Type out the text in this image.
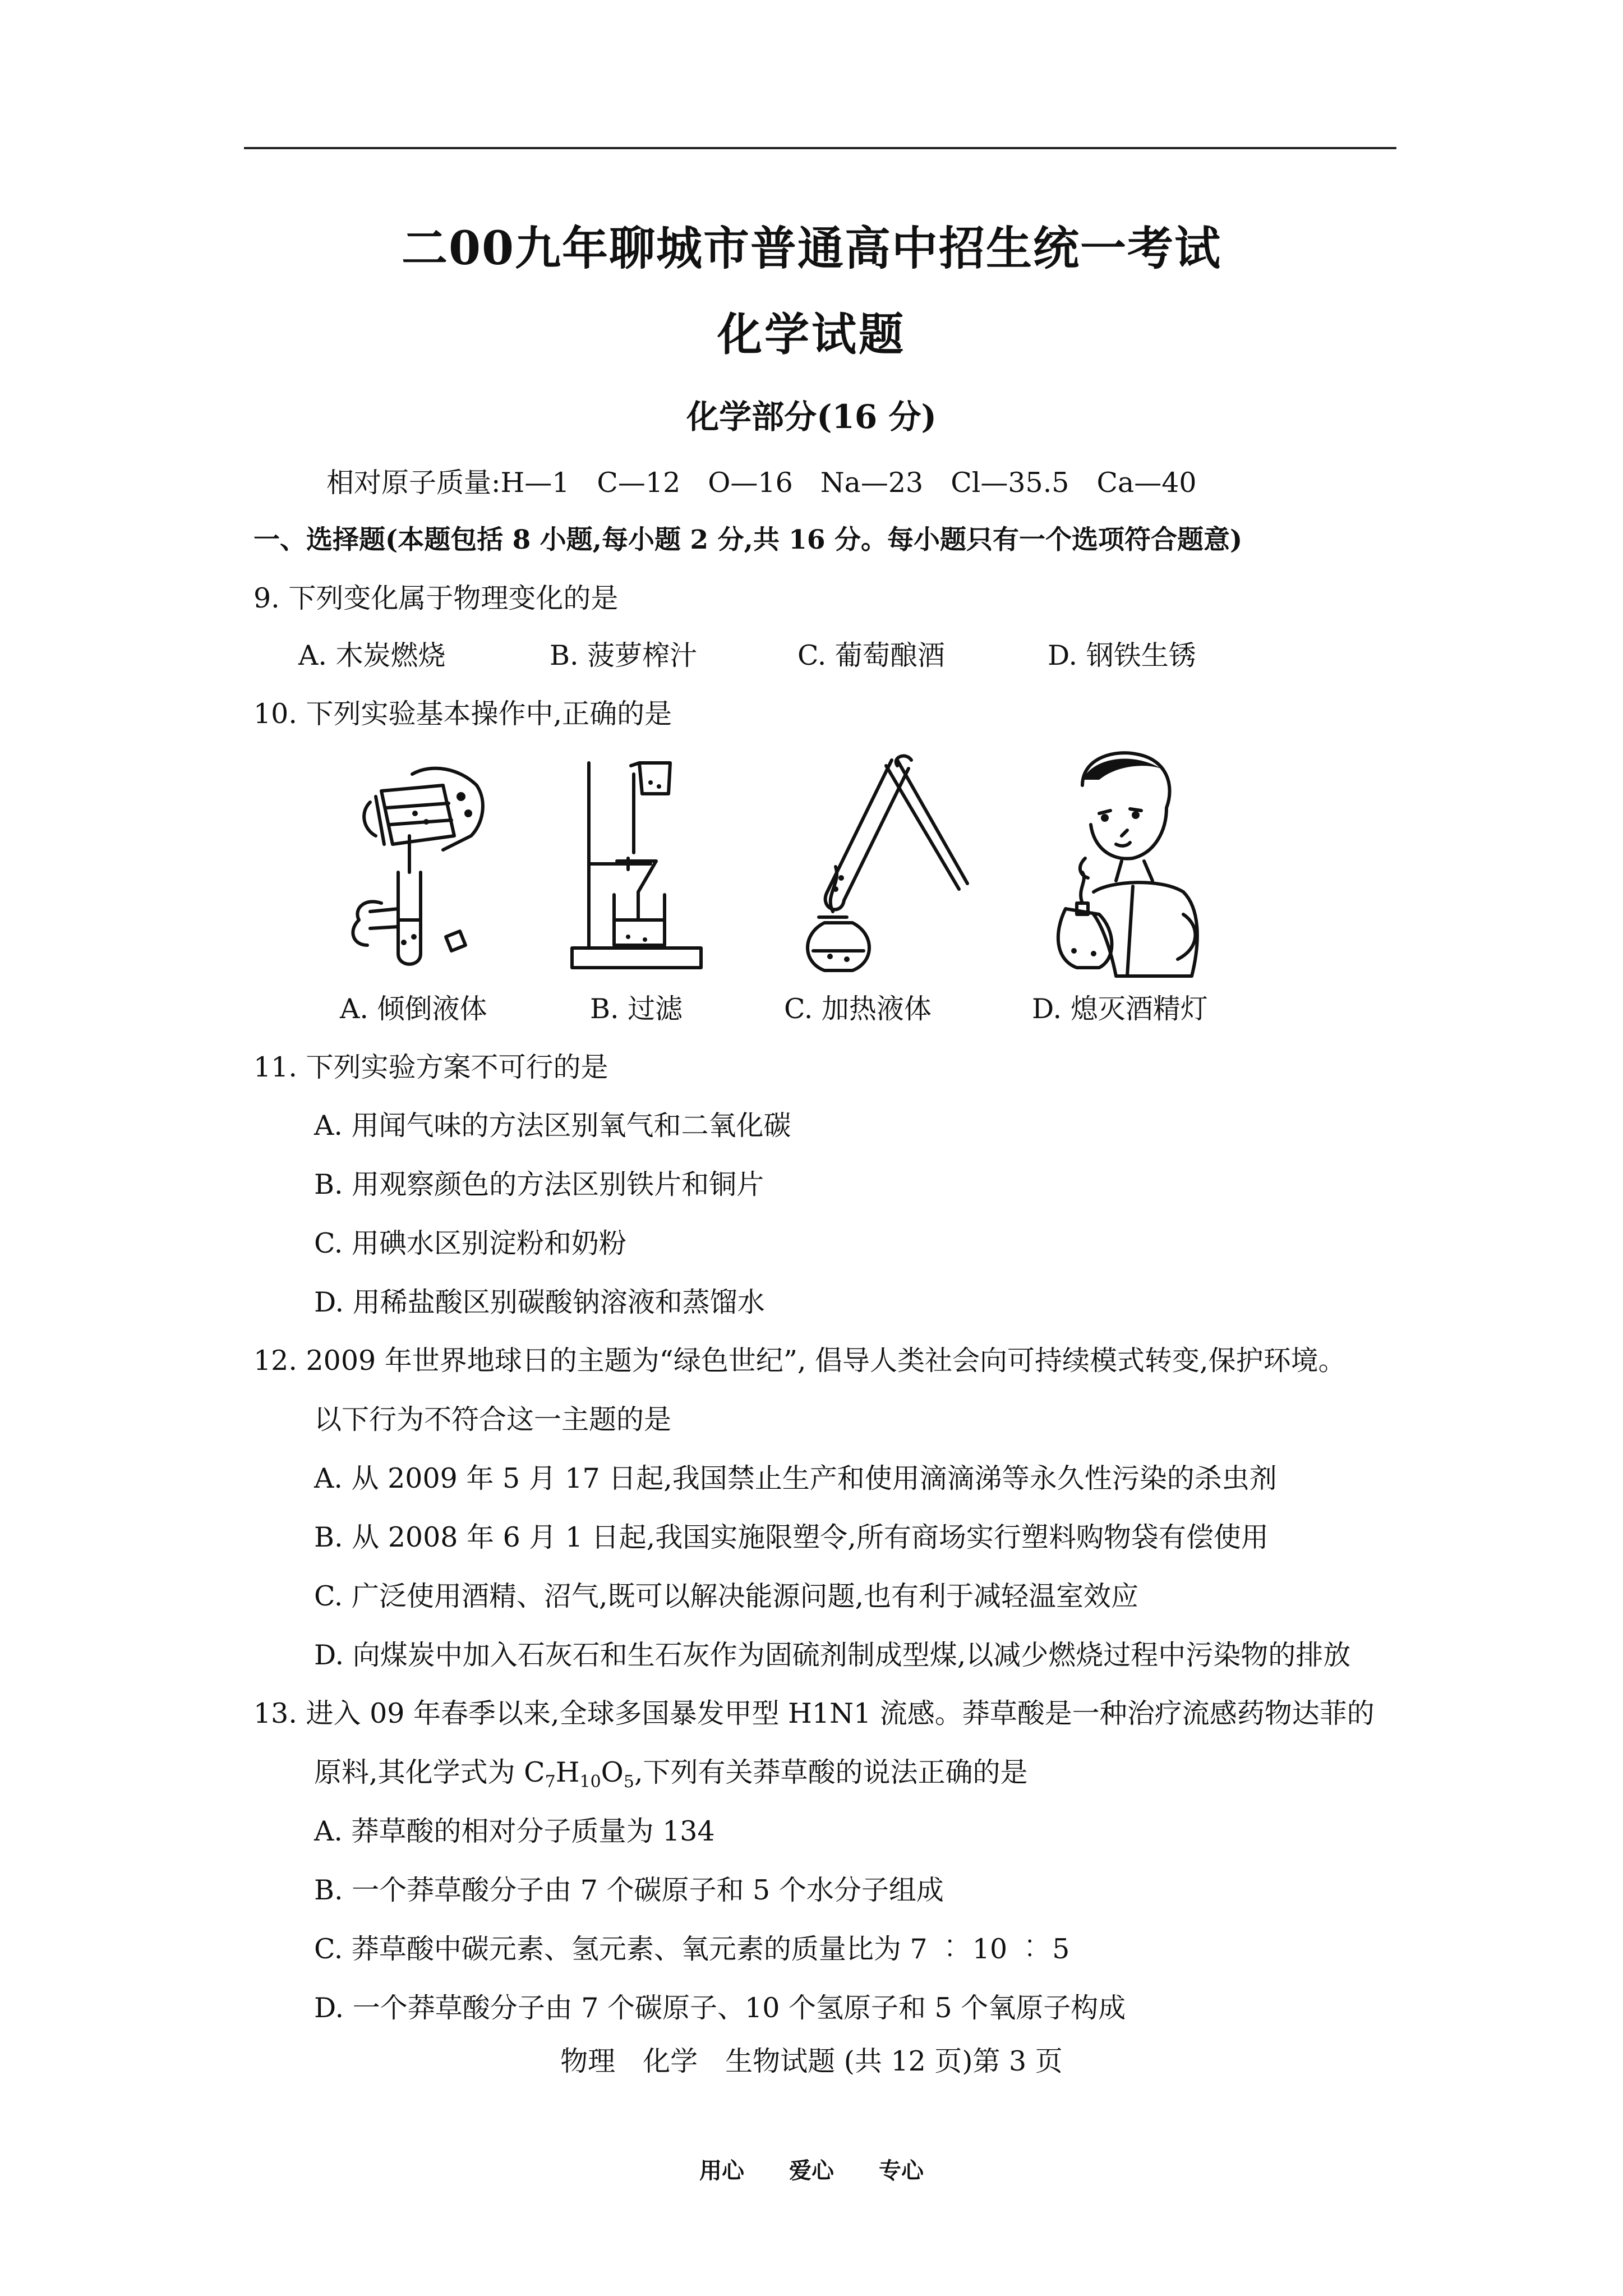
二00九年聊城市普通高中招生统一考试
化学试题
化学部分(16 分)
相对原子质量:H—1　C—12　O—16　Na—23　Cl—35.5　Ca—40
一、选择题(本题包括 8 小题,每小题 2 分,共 16 分。每小题只有一个选项符合题意)
9. 下列变化属于物理变化的是
A. 木炭燃烧	B. 菠萝榨汁	C. 葡萄酿酒	D. 钢铁生锈
10. 下列实验基本操作中,正确的是
A. 倾倒液体	B. 过滤	C. 加热液体	D. 熄灭酒精灯
11. 下列实验方案不可行的是
A. 用闻气味的方法区别氧气和二氧化碳
B. 用观察颜色的方法区别铁片和铜片
C. 用碘水区别淀粉和奶粉
D. 用稀盐酸区别碳酸钠溶液和蒸馏水
12. 2009 年世界地球日的主题为“绿色世纪”, 倡导人类社会向可持续模式转变,保护环境。
以下行为不符合这一主题的是
A. 从 2009 年 5 月 17 日起,我国禁止生产和使用滴滴涕等永久性污染的杀虫剂
B. 从 2008 年 6 月 1 日起,我国实施限塑令,所有商场实行塑料购物袋有偿使用
C. 广泛使用酒精、沼气,既可以解决能源问题,也有利于减轻温室效应
D. 向煤炭中加入石灰石和生石灰作为固硫剂制成型煤,以减少燃烧过程中污染物的排放
13. 进入 09 年春季以来,全球多国暴发甲型 H1N1 流感。莽草酸是一种治疗流感药物达菲的
原料,其化学式为 $C_7H_{10}O_5$,下列有关莽草酸的说法正确的是
A. 莽草酸的相对分子质量为 134
B. 一个莽草酸分子由 7 个碳原子和 5 个水分子组成
C. 莽草酸中碳元素、氢元素、氧元素的质量比为 7 ︰ 10 ︰ 5
D. 一个莽草酸分子由 7 个碳原子、10 个氢原子和 5 个氧原子构成
物理　化学　生物试题 (共 12 页)第 3 页
用心　　爱心　　专心
